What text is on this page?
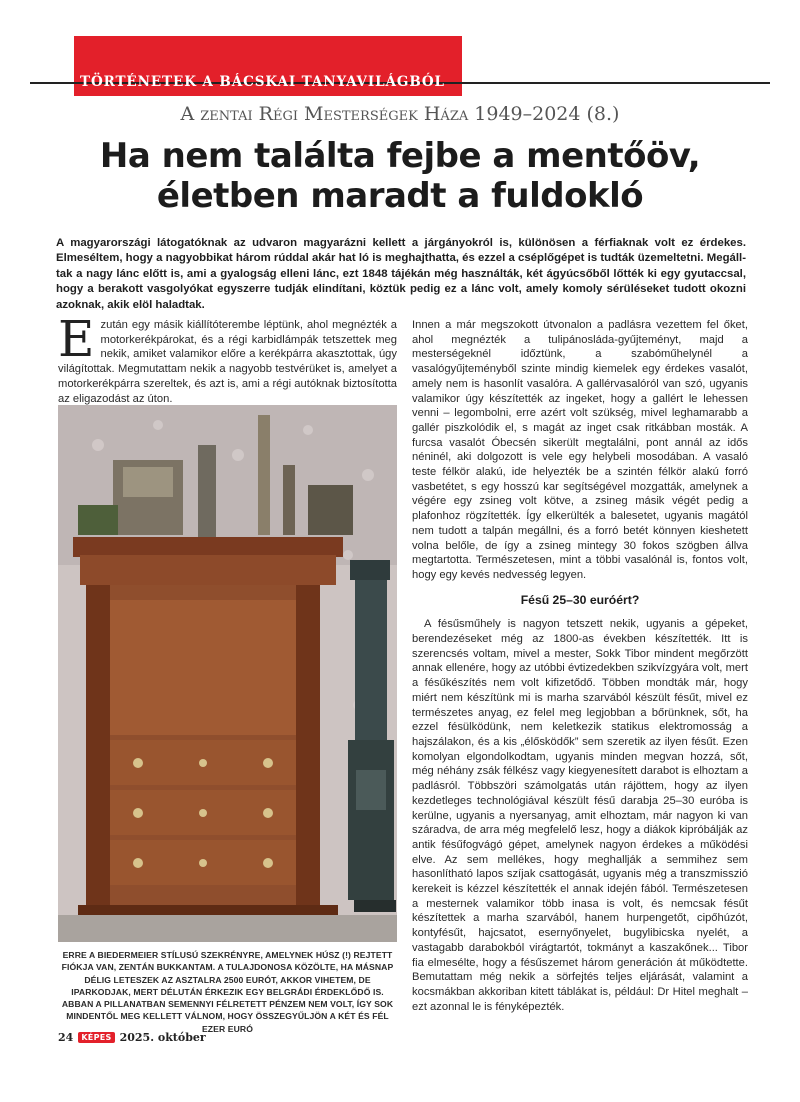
TÖRTÉNETEK A BÁCSKAI TANYAVILÁGBÓL
A zentai Régi Mesterségek Háza 1949–2024 (8.)
Ha nem találta fejbe a mentőöv,
életben maradt a fuldokló
A magyarországi látogatóknak az udvaron magyarázni kellett a járgányokról is, különösen a férfiaknak volt ez érdekes. Elmeséltem, hogy a nagyobbikat három rúddal akár hat ló is meghajthatta, és ezzel a cséplőgépet is tudták üzemeltetni. Megálltak a nagy lánc előtt is, ami a gyalogság elleni lánc, ezt 1848 tájékán még használták, két ágyúcsőből lőtték ki egy gyutaccsal, hogy a berakott vasgolyókat egyszerre tudják elindítani, köztük pedig ez a lánc volt, amely komoly sérüléseket tudott okozni azoknak, akik elöl haladtak.
E zután egy másik kiállítóterembe léptünk, ahol megnézték a motorkerékpárokat, és a régi karbidlámpák tetszettek meg nekik, amiket valamikor előre a kerékpárra akasztottak, úgy világítottak. Megmutattam nekik a nagyobb testvérüket is, amelyet a motorkerékpárra szereltek, és azt is, ami a régi autóknak biztosította az eligazodást az úton.
ERRE A BIEDERMEIER STÍLUSÚ SZEKRÉNYRE, AMELYNEK HÚSZ (!) REJTETT FIÓKJA VAN, ZENTÁN BUKKANTAM. A TULAJDONOSA KÖZÖLTE, HA MÁSNAP DÉLIG LETESZEK AZ ASZTALRA 2500 EURÓT, AKKOR VIHETEM, DE IPARKODJAK, MERT DÉLUTÁN ÉRKEZIK EGY BELGRÁDI ÉRDEKLŐDŐ IS. ABBAN A PILLANATBAN SEMENNYI FÉLRETETT PÉNZEM NEM VOLT, ÍGY SOK MINDENTŐL MEG KELLETT VÁLNOM, HOGY ÖSSZEGYŰLJÖN A KÉT ÉS FÉL EZER EURÓ

Innen a már megszokott útvonalon a padlásra vezettem fel őket, ahol megnézték a tulipánosláda-gyűjteményt, majd a mesterségeknél időztünk, a szabóműhelynél a vasalógyűjteményből szinte mindig kiemelek egy érdekes vasalót, amely nem is hasonlít vasalóra. A gallérvasalóról van szó, ugyanis valamikor úgy készítették az ingeket, hogy a gallért le lehessen venni – legombolni, erre azért volt szükség, mivel leghamarabb a gallér piszkolódik el, s magát az inget csak ritkábban mosták. A furcsa vasalót Óbecsén sikerült megtalálni, pont annál az idős néninél, aki dolgozott is vele egy helybeli mosodában. A vasaló teste félkör alakú, ide helyezték be a szintén félkör alakú forró vasbetétet, s egy hosszú kar segítségével mozgatták, amelynek a végére egy zsineg volt kötve, a zsineg másik végét pedig a plafonhoz rögzítették. Így elkerülték a balesetet, ugyanis magától nem tudott a talpán megállni, és a forró betét könnyen kieshetett volna belőle, de így a zsineg mintegy 30 fokos szögben állva megtartotta. Természetesen, mint a többi vasalónál is, fontos volt, hogy egy kevés nedvesség legyen.

Fésű 25–30 euróért?

A fésűsműhely is nagyon tetszett nekik, ugyanis a gépeket, berendezéseket még az 1800-as években készítették. Itt is szerencsés voltam, mivel a mester, Sokk Tibor mindent megőrzött annak ellenére, hogy az utóbbi évtizedekben szikvízgyára volt, mert a fésűkészítés nem volt kifizetődő. Többen mondták már, hogy miért nem készítünk mi is marha szarvából készült fésűt, mivel ez természetes anyag, ez felel meg legjobban a bőrünknek, sőt, ha ezzel fésülködünk, nem keletkezik statikus elektromosság a hajszálakon, és a kis „élősködők” sem szeretik az ilyen fésűt. Ezen komolyan elgondolkodtam, ugyanis minden megvan hozzá, sőt, még néhány zsák félkész vagy kiegyenesített darabot is elhoztam a padlásról. Többszöri számolgatás után rájöttem, hogy az ilyen kezdetleges technológiával készült fésű darabja 25–30 euróba is kerülne, ugyanis a nyersanyag, amit elhoztam, már nagyon ki van száradva, de arra még megfelelő lesz, hogy a diákok kipróbálják az antik fésűfogvágó gépet, amelynek nagyon érdekes a működési elve. Az sem mellékes, hogy meghallják a semmihez sem hasonlítható lapos szíjak csattogását, ugyanis még a transzmisszió kerekeit is kézzel készítették el annak idején fából. Természetesen a mesternek valamikor több inasa is volt, és nemcsak fésűt készítettek a marha szarvából, hanem hurpengetőt, cipőhúzót, kontyfésűt, hajcsatot, esernyőnyelet, bugylibicska nyelét, a vastagabb darabokból virágtartót, tokmányt a kaszakőnek... Tibor fia elmesélte, hogy a fésűszemet három generáción át működtette. Bemutattam még nekik a sörfejtés teljes eljárását, valamint a kocsmákban akkoriban kitett táblákat is, például: Dr Hitel meghalt – ezt azonnal le is fényképezték.

24	KÉPES 2025. október
